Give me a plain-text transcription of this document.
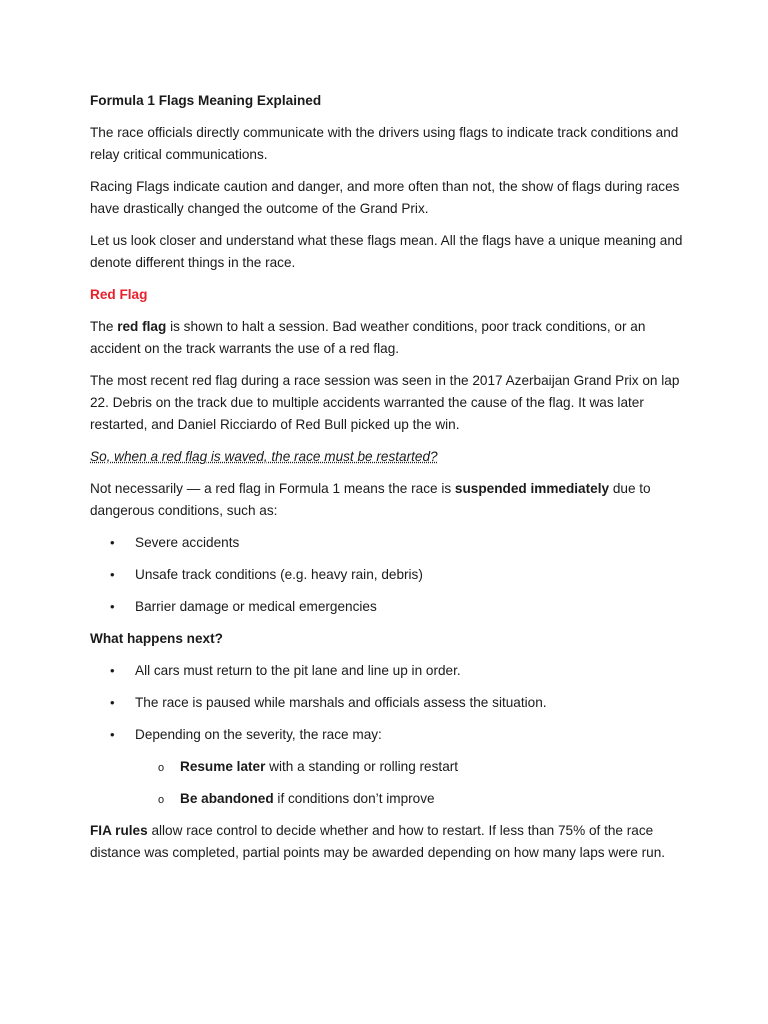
Formula 1 Flags Meaning Explained

The race officials directly communicate with the drivers using flags to indicate track conditions and relay critical communications.

Racing Flags indicate caution and danger, and more often than not, the show of flags during races have drastically changed the outcome of the Grand Prix.

Let us look closer and understand what these flags mean. All the flags have a unique meaning and denote different things in the race.

Red Flag

The red flag is shown to halt a session. Bad weather conditions, poor track conditions, or an accident on the track warrants the use of a red flag.

The most recent red flag during a race session was seen in the 2017 Azerbaijan Grand Prix on lap 22. Debris on the track due to multiple accidents warranted the cause of the flag. It was later restarted, and Daniel Ricciardo of Red Bull picked up the win.

So, when a red flag is waved, the race must be restarted?

Not necessarily — a red flag in Formula 1 means the race is suspended immediately due to dangerous conditions, such as:

• Severe accidents
• Unsafe track conditions (e.g. heavy rain, debris)
• Barrier damage or medical emergencies
What happens next?
• All cars must return to the pit lane and line up in order.
• The race is paused while marshals and officials assess the situation.
• Depending on the severity, the race may:
o Resume later with a standing or rolling restart
o Be abandoned if conditions don’t improve

FIA rules allow race control to decide whether and how to restart. If less than 75% of the race distance was completed, partial points may be awarded depending on how many laps were run.
